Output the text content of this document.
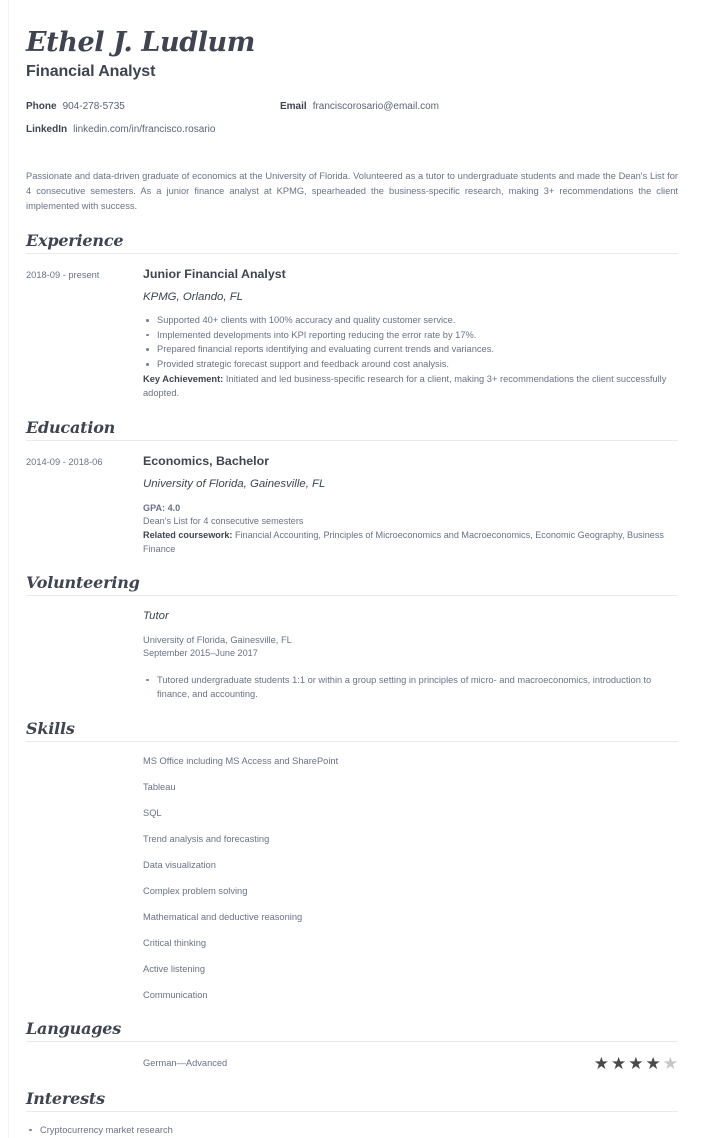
Ethel J. Ludlum
Financial Analyst
Phone 904-278-5735	Email franciscorosario@email.com
LinkedIn linkedin.com/in/francisco.rosario
Passionate and data-driven graduate of economics at the University of Florida. Volunteered as a tutor to undergraduate students and made the Dean's List for 4 consecutive semesters. As a junior finance analyst at KPMG, spearheaded the business-specific research, making 3+ recommendations the client implemented with success.
Experience
2018-09 - present	Junior Financial Analyst
KPMG, Orlando, FL
Supported 40+ clients with 100% accuracy and quality customer service.
Implemented developments into KPI reporting reducing the error rate by 17%.
Prepared financial reports identifying and evaluating current trends and variances.
Provided strategic forecast support and feedback around cost analysis.
Key Achievement: Initiated and led business-specific research for a client, making 3+ recommendations the client successfully adopted.
Education
2014-09 - 2018-06	Economics, Bachelor
University of Florida, Gainesville, FL
GPA: 4.0
Dean's List for 4 consecutive semesters
Related coursework: Financial Accounting, Principles of Microeconomics and Macroeconomics, Economic Geography, Business Finance
Volunteering
Tutor
University of Florida, Gainesville, FL
September 2015–June 2017
Tutored undergraduate students 1:1 or within a group setting in principles of micro- and macroeconomics, introduction to finance, and accounting.
Skills
MS Office including MS Access and SharePoint
Tableau
SQL
Trend analysis and forecasting
Data visualization
Complex problem solving
Mathematical and deductive reasoning
Critical thinking
Active listening
Communication
Languages
German—Advanced	★ ★ ★ ★ ★
Interests
Cryptocurrency market research
